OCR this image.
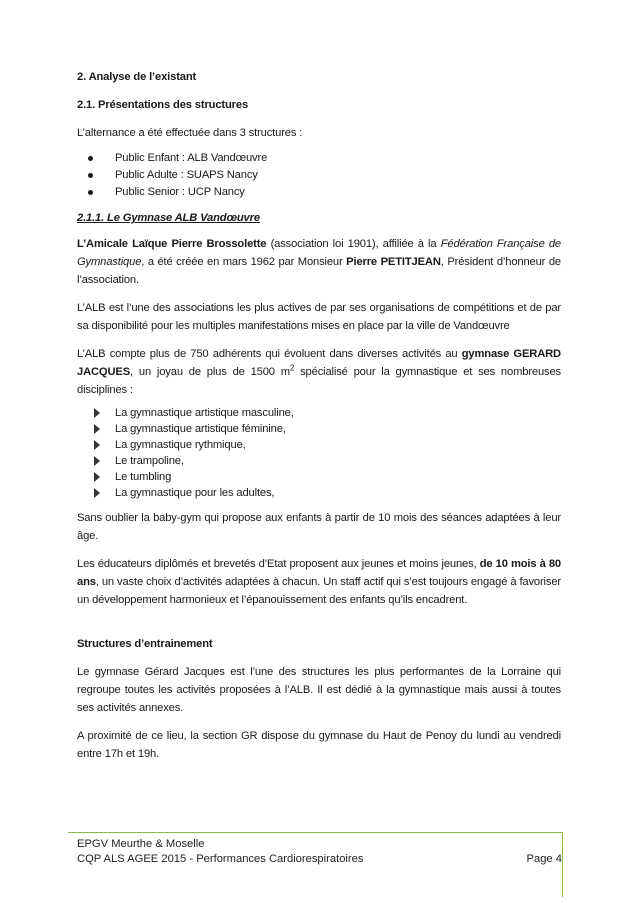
2. Analyse de l’existant

2.1. Présentations des structures

L’alternance a été effectuée dans 3 structures :

Public Enfant : ALB Vandœuvre
Public Adulte : SUAPS Nancy
Public Senior : UCP Nancy

2.1.1. Le Gymnase ALB Vandœuvre

L’Amicale Laïque Pierre Brossolette (association loi 1901), affiliée à la Fédération Française de Gymnastique, a été créée en mars 1962 par Monsieur Pierre PETITJEAN, Président d’honneur de l’association.

L’ALB est l’une des associations les plus actives de par ses organisations de compétitions et de par sa disponibilité pour les multiples manifestations mises en place par la ville de Vandœuvre

L’ALB compte plus de 750 adhérents qui évoluent dans diverses activités au gymnase GERARD JACQUES, un joyau de plus de 1500 $m^2$ spécialisé pour la gymnastique et ses nombreuses disciplines :

La gymnastique artistique masculine,
La gymnastique artistique féminine,
La gymnastique rythmique,
Le trampoline,
Le tumbling
La gymnastique pour les adultes,

Sans oublier la baby-gym qui propose aux enfants à partir de 10 mois des séances adaptées à leur âge.

Les éducateurs diplômés et brevetés d’Etat proposent aux jeunes et moins jeunes, de 10 mois à 80 ans, un vaste choix d’activités adaptées à chacun. Un staff actif qui s’est toujours engagé à favoriser un développement harmonieux et l’épanouissement des enfants qu’ils encadrent.

Structures d’entrainement

Le gymnase Gérard Jacques est l’une des structures les plus performantes de la Lorraine qui regroupe toutes les activités proposées à l’ALB. Il est dédié à la gymnastique mais aussi à toutes ses activités annexes.

A proximité de ce lieu, la section GR dispose du gymnase du Haut de Penoy du lundi au vendredi entre 17h et 19h.

EPGV Meurthe & Moselle
CQP ALS AGEE 2015 - Performances Cardiorespiratoires	Page 4
